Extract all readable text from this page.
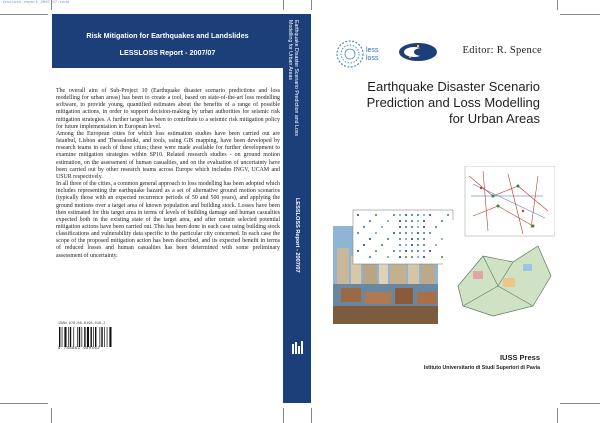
lessloss_report_2007_07.indd
Risk Mitigation for Earthquakes and Landslides
LESSLOSS Report - 2007/07

The overall aim of Sub-Project 10 (Earthquake disaster scenario predictions and loss modelling for urban areas) has been to create a tool, based on state-of-the-art loss modelling software, to provide young, quantified estimates about the benefits of a range of possible mitigation actions, in order to support decision-making by urban authorities for seismic risk mitigation strategies. A further target has been to contribute to a seismic risk mitigation policy for future implementation in European level.

Among the European cities for which loss estimation studies have been carried out are Istanbul, Lisbon and Thessaloniki, and tools, using GIS mapping, have been developed by research teams in each of these cities; these were made available for further development to examine mitigation strategies within SP10. Related research studies - on ground motion estimation, on the assessment of human casualties, and on the evaluation of uncertainty have been carried out by other research teams across Europe which includes INGV, UCAM and USUR respectively.

In all three of the cities, a common general approach to loss modelling has been adopted which includes representing the earthquake hazard as a set of alternative ground motion scenarios (typically those with an expected recurrence periods of 50 and 500 years), and applying the ground motions over a target area of known population and building stock. Losses have been then estimated for this target area in terms of levels of building damage and human casualties expected both in the existing state of the target area, and after certain selected potential mitigation actions have been carried out. This has been done in each case using building stock classifications and vulnerability data specific to the particular city concerned. In each case the scope of the proposed mitigation action has been described, and its expected benefit in terms of reduced losses and human casualties has been determined with some preliminary assessment of uncertainty.

ISBN 978-88-6198-016-2
9 788861 980162
Earthquake Disaster Scenario Prediction and Loss Modelling for Urban Areas
LESSLOSS Report - 2007/07
less loss
Editor: R. Spence
Earthquake Disaster Scenario
Prediction and Loss Modelling
for Urban Areas
IUSS Press
Istituto Universitario di Studi Superiori di Pavia
